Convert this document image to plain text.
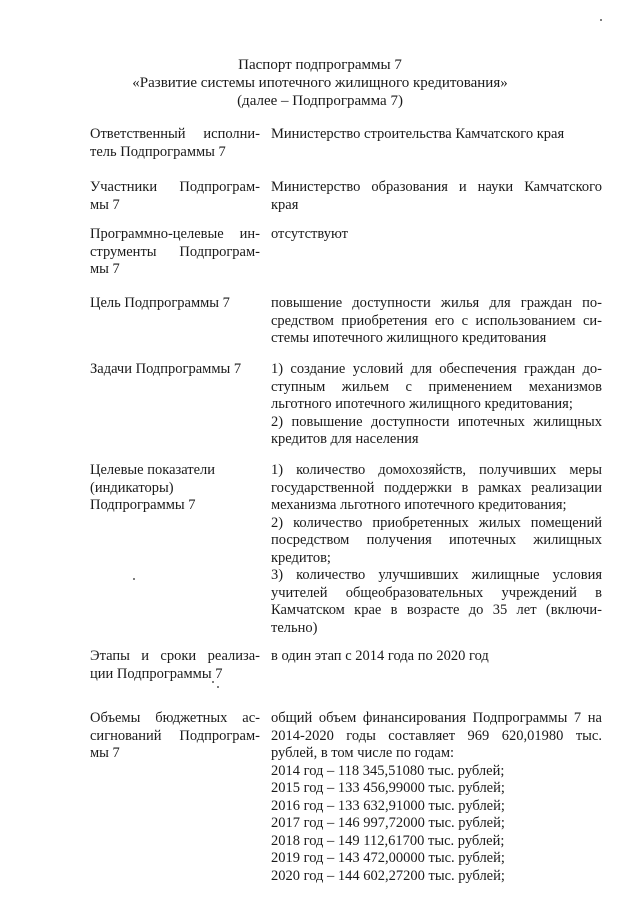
Паспорт подпрограммы 7
«Развитие системы ипотечного жилищного кредитования»
(далее – Подпрограмма 7)
Ответственный исполни-
тель Подпрограммы 7
Министерство строительства Камчатского края
Участники Подпрограм-
мы 7
Министерство образования и науки Камчатского
края
Программно-целевые ин-
струменты Подпрограм-
мы 7
отсутствуют
Цель Подпрограммы 7	повышение доступности жилья для граждан по-
средством приобретения его с использованием си-
стемы ипотечного жилищного кредитования
Задачи Подпрограммы 7	1) создание условий для обеспечения граждан до-
ступным жильем с применением механизмов
льготного ипотечного жилищного кредитования;
2) повышение доступности ипотечных жилищных
кредитов для населения
Целевые показатели
(индикаторы)
Подпрограммы 7
1) количество домохозяйств, получивших меры
государственной поддержки в рамках реализации
механизма льготного ипотечного кредитования;
2) количество приобретенных жилых помещений
посредством получения ипотечных жилищных
кредитов;
3) количество улучшивших жилищные условия
учителей общеобразовательных учреждений в
Камчатском крае в возрасте до 35 лет (включи-
тельно)
Этапы и сроки реализа-
ции Подпрограммы 7
в один этап с 2014 года по 2020 год
Объемы бюджетных ас-
сигнований Подпрограм-
мы 7
общий объем финансирования Подпрограммы 7 на
2014-2020 годы составляет 969 620,01980 тыс.
рублей, в том числе по годам:
2014 год – 118 345,51080 тыс. рублей;
2015 год – 133 456,99000 тыс. рублей;
2016 год – 133 632,91000 тыс. рублей;
2017 год – 146 997,72000 тыс. рублей;
2018 год – 149 112,61700 тыс. рублей;
2019 год – 143 472,00000 тыс. рублей;
2020 год – 144 602,27200 тыс. рублей;
